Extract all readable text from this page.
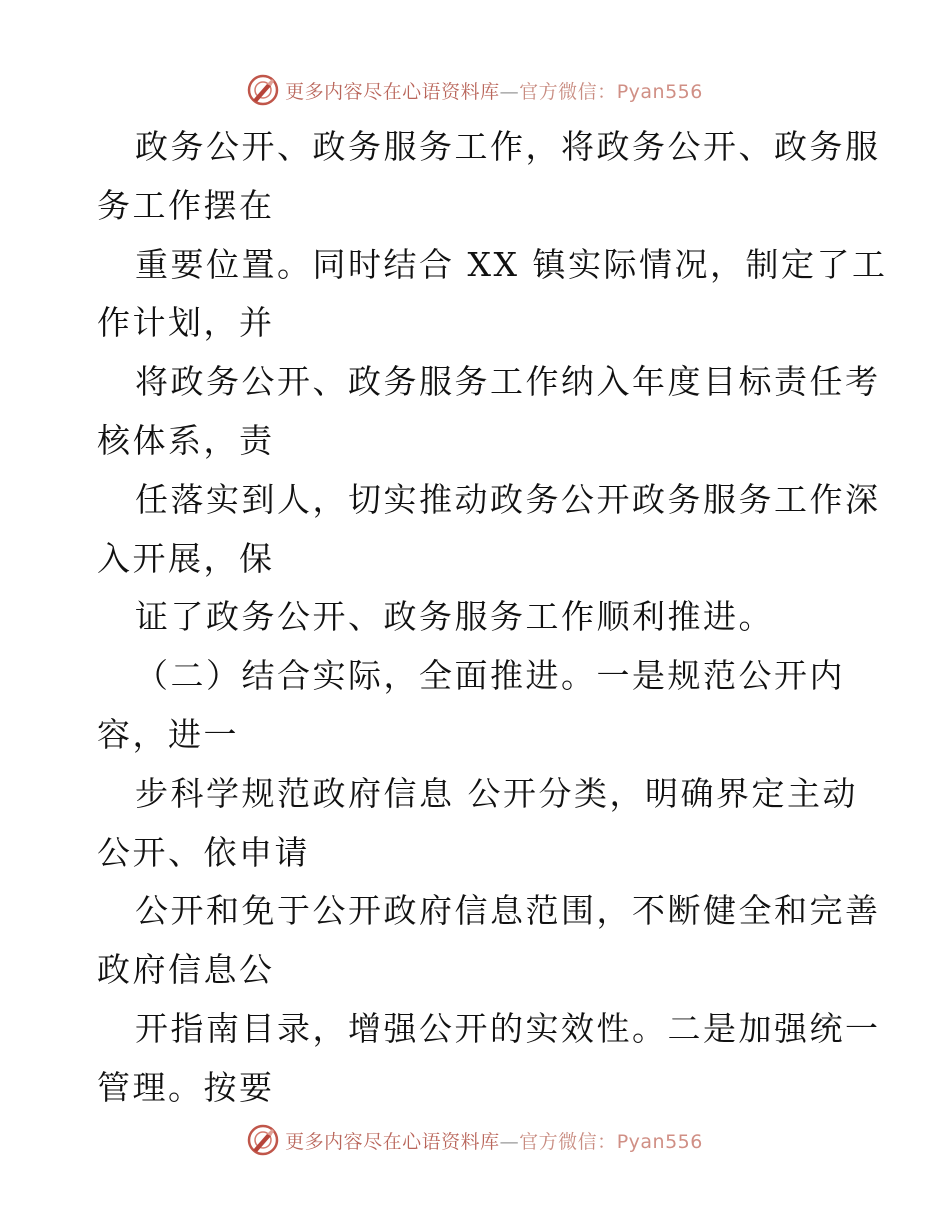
更多内容尽在心语资料库—官方微信：Pyan556
政务公开、政务服务工作，将政务公开、政务服
务工作摆在
重要位置。同时结合 XX 镇实际情况，制定了工
作计划，并
将政务公开、政务服务工作纳入年度目标责任考
核体系，责
任落实到人，切实推动政务公开政务服务工作深
入开展，保
证了政务公开、政务服务工作顺利推进。
（二）结合实际，全面推进。一是规范公开内
容，进一
步科学规范政府信息 公开分类，明确界定主动
公开、依申请
公开和免于公开政府信息范围，不断健全和完善
政府信息公
开指南目录，增强公开的实效性。二是加强统一
管理。按要
更多内容尽在心语资料库—官方微信：Pyan556
